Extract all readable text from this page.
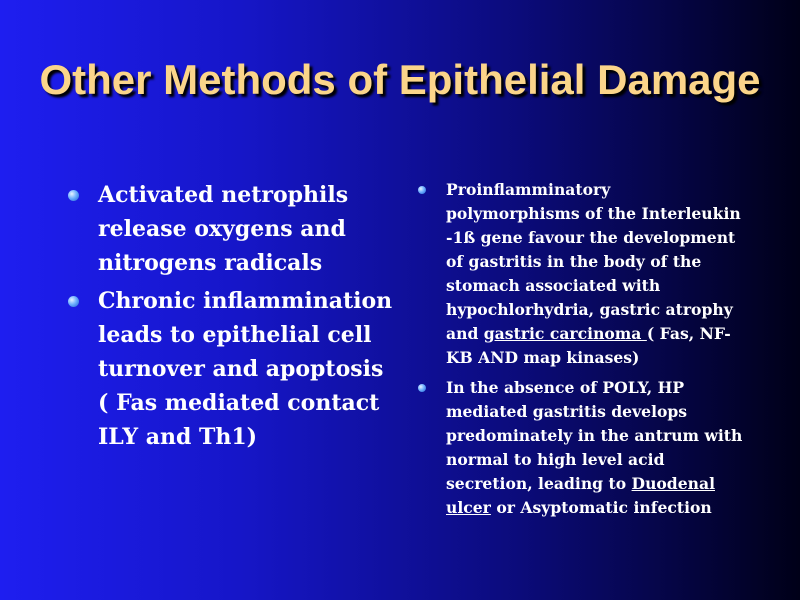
Other Methods of Epithelial Damage
Activated netrophils release oxygens and nitrogens radicals
Chronic inflammination leads to epithelial cell turnover and apoptosis ( Fas mediated contact ILY and Th1)
Proinflamminatory polymorphisms of the Interleukin -1ß gene favour the development of gastritis in the body of the stomach associated with hypochlorhydria, gastric atrophy and gastric carcinoma ( Fas, NF-KB AND map kinases)
In the absence of POLY, HP mediated gastritis develops predominately in the antrum with normal to high level acid secretion, leading to Duodenal ulcer or Asyptomatic infection
